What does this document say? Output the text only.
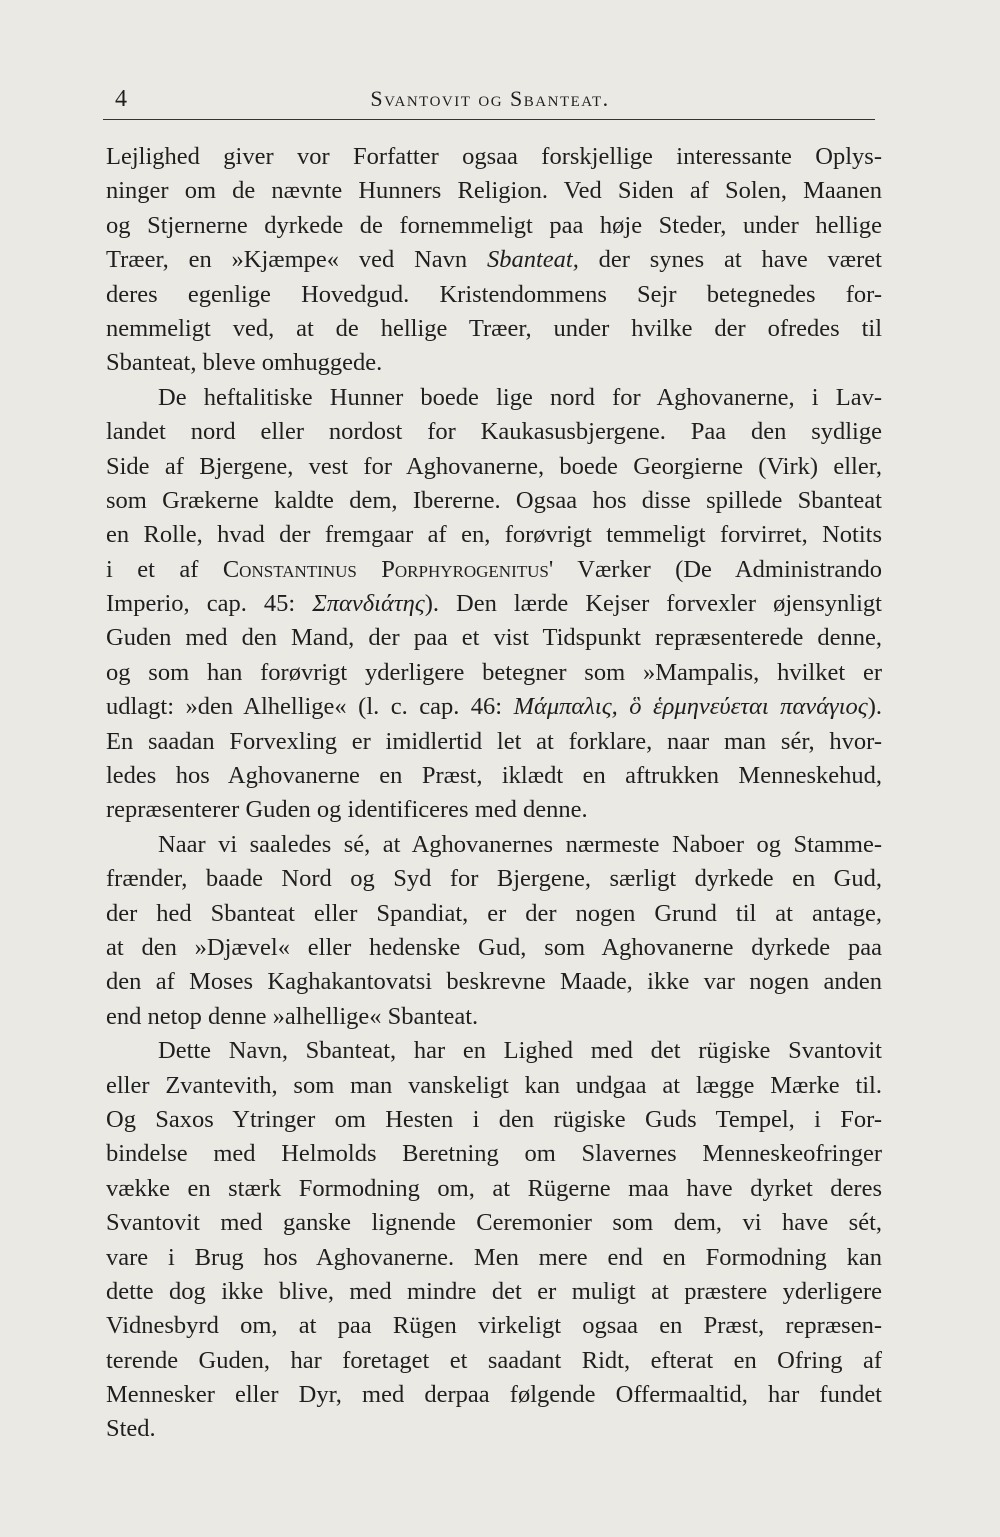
4	Svantovit og Sbanteat.
Lejlighed giver vor Forfatter ogsaa forskjellige interessante Oplys-
ninger om de nævnte Hunners Religion. Ved Siden af Solen, Maanen
og Stjernerne dyrkede de fornemmeligt paa høje Steder, under hellige
Træer, en »Kjæmpe« ved Navn Sbanteat, der synes at have været
deres egenlige Hovedgud. Kristendommens Sejr betegnedes for-
nemmeligt ved, at de hellige Træer, under hvilke der ofredes til
Sbanteat, bleve omhuggede.
De heftalitiske Hunner boede lige nord for Aghovanerne, i Lav-
landet nord eller nordost for Kaukasusbjergene. Paa den sydlige
Side af Bjergene, vest for Aghovanerne, boede Georgierne (Virk) eller,
som Grækerne kaldte dem, Ibererne. Ogsaa hos disse spillede Sbanteat
en Rolle, hvad der fremgaar af en, forøvrigt temmeligt forvirret, Notits
i et af Constantinus Porphyrogenitus' Værker (De Administrando
Imperio, cap. 45: Σπανδιάτης). Den lærde Kejser forvexler øjensynligt
Guden med den Mand, der paa et vist Tidspunkt repræsenterede denne,
og som han forøvrigt yderligere betegner som »Mampalis, hvilket er
udlagt: »den Alhellige« (l. c. cap. 46: Μάμπαλις, ὃ ἑρμηνεύεται πανάγιος).
En saadan Forvexling er imidlertid let at forklare, naar man sér, hvor-
ledes hos Aghovanerne en Præst, iklædt en aftrukken Menneskehud,
repræsenterer Guden og identificeres med denne.
Naar vi saaledes sé, at Aghovanernes nærmeste Naboer og Stamme-
frænder, baade Nord og Syd for Bjergene, særligt dyrkede en Gud,
der hed Sbanteat eller Spandiat, er der nogen Grund til at antage,
at den »Djævel« eller hedenske Gud, som Aghovanerne dyrkede paa
den af Moses Kaghakantovatsi beskrevne Maade, ikke var nogen anden
end netop denne »alhellige« Sbanteat.
Dette Navn, Sbanteat, har en Lighed med det rügiske Svantovit
eller Zvantevith, som man vanskeligt kan undgaa at lægge Mærke til.
Og Saxos Ytringer om Hesten i den rügiske Guds Tempel, i For-
bindelse med Helmolds Beretning om Slavernes Menneskeofringer
vække en stærk Formodning om, at Rügerne maa have dyrket deres
Svantovit med ganske lignende Ceremonier som dem, vi have sét,
vare i Brug hos Aghovanerne. Men mere end en Formodning kan
dette dog ikke blive, med mindre det er muligt at præstere yderligere
Vidnesbyrd om, at paa Rügen virkeligt ogsaa en Præst, repræsen-
terende Guden, har foretaget et saadant Ridt, efterat en Ofring af
Mennesker eller Dyr, med derpaa følgende Offermaaltid, har fundet
Sted.
